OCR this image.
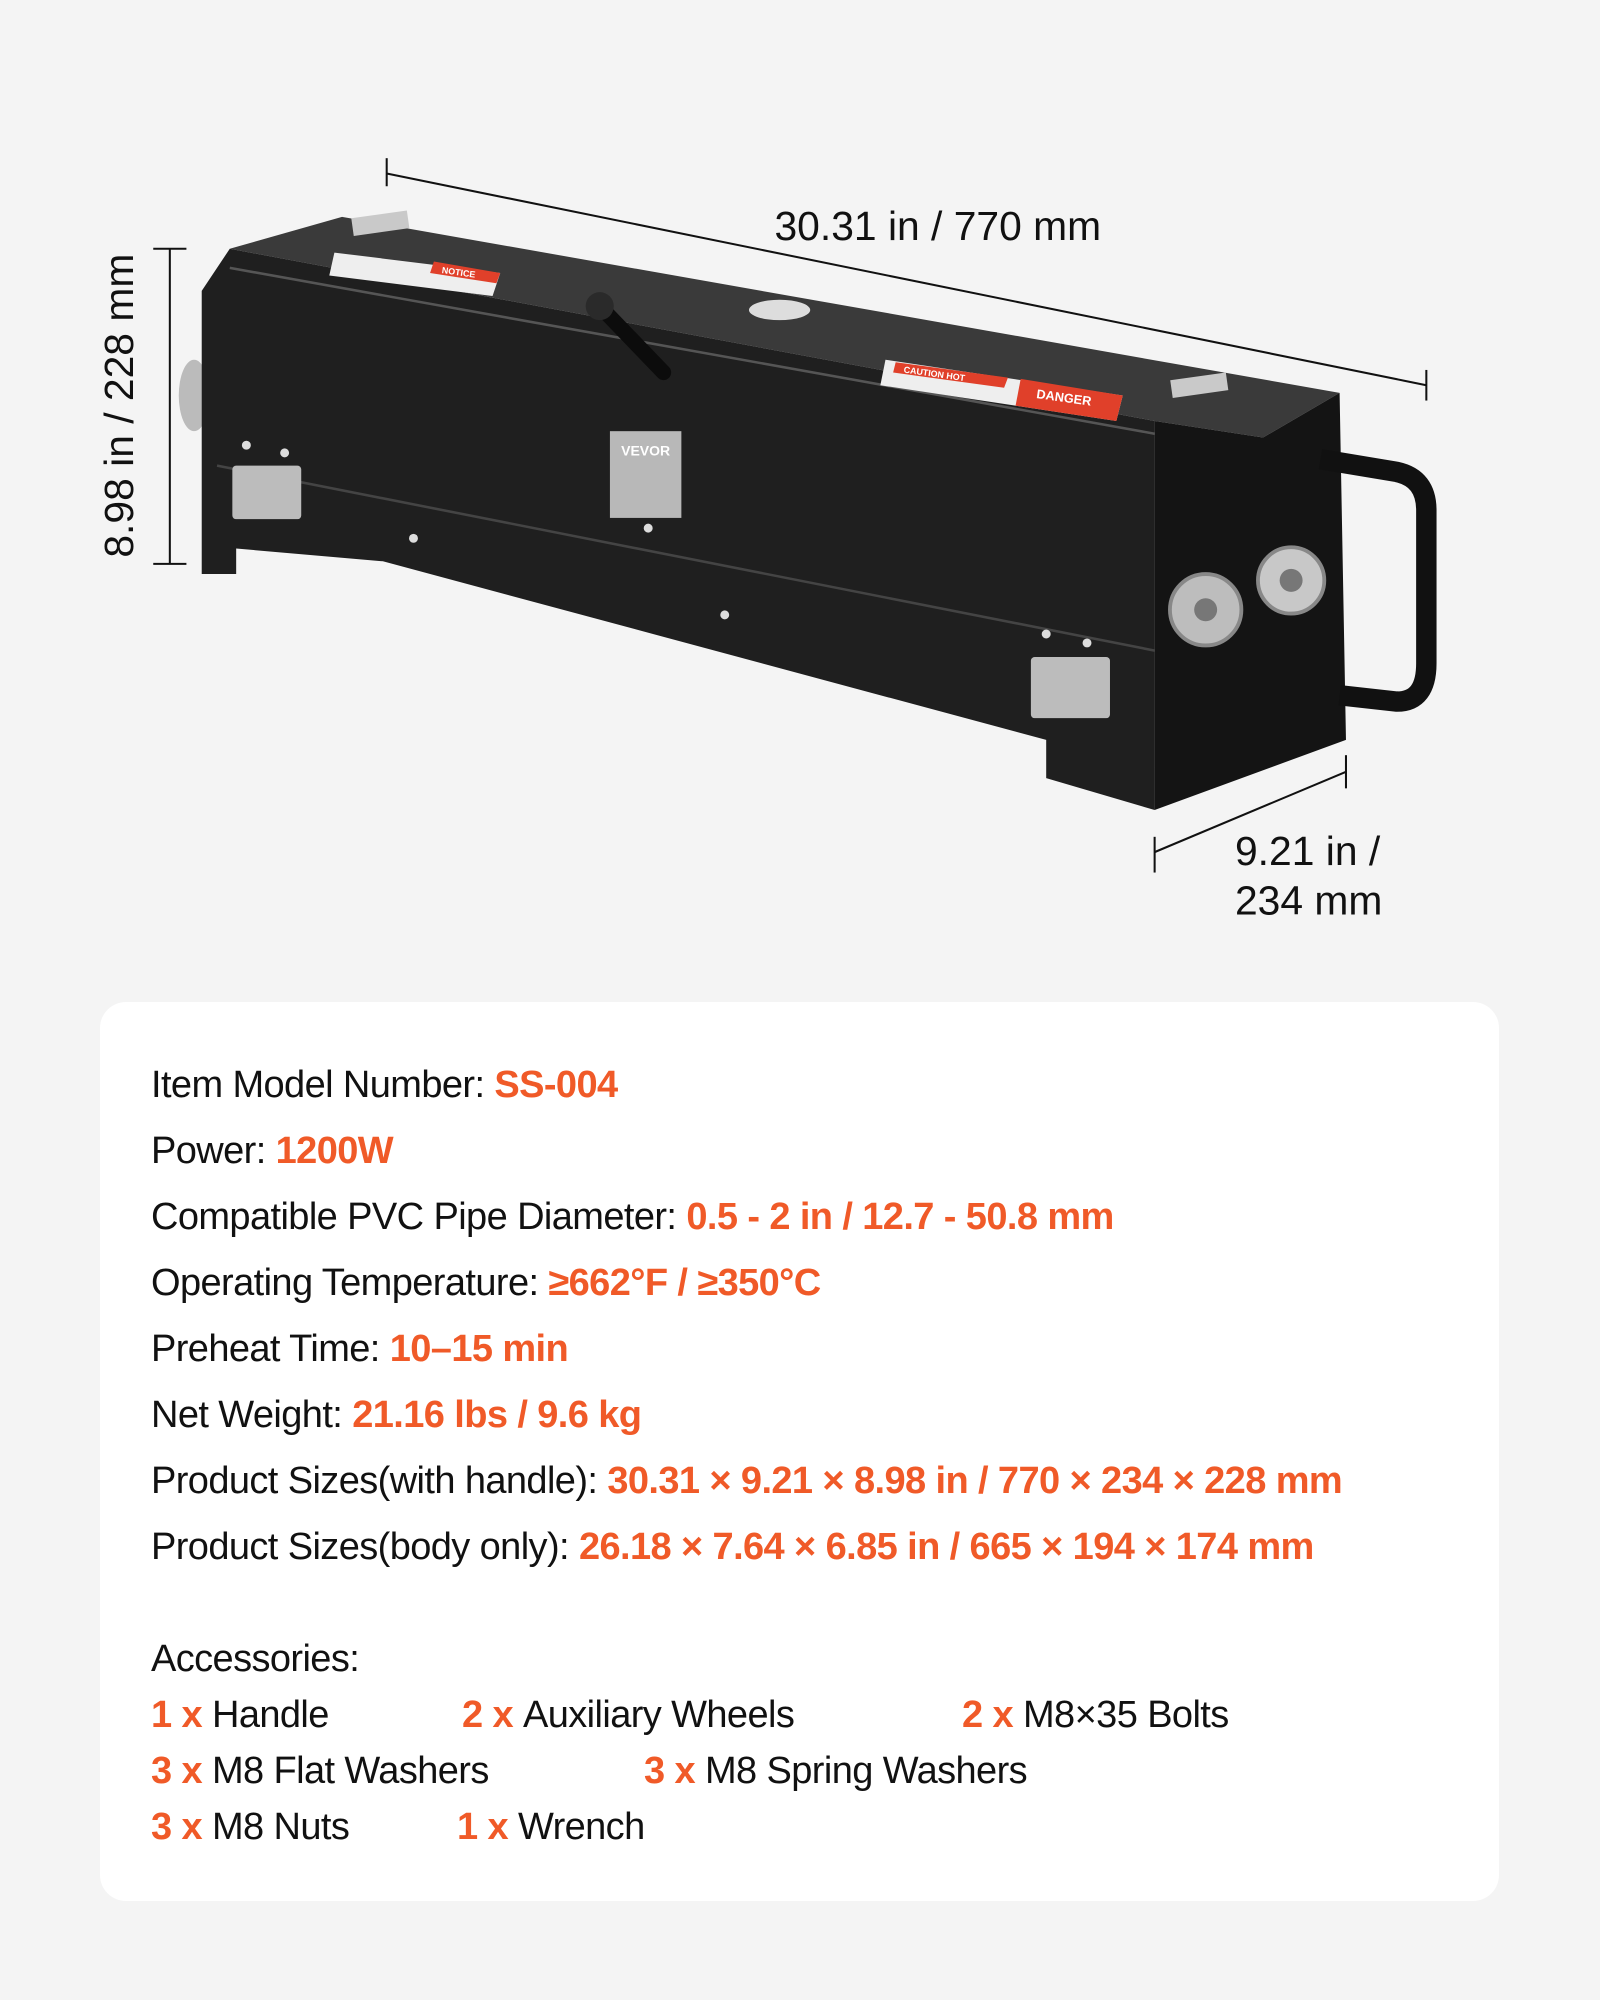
30.31 in / 770 mm
8.98 in / 228 mm
9.21 in /
234 mm
NOTICE
CAUTION HOT
DANGER
VEVOR
Item Model Number: SS-004
Power: 1200W
Compatible PVC Pipe Diameter: 0.5 - 2 in / 12.7 - 50.8 mm
Operating Temperature: ≥662°F / ≥350°C
Preheat Time: 10–15 min
Net Weight: 21.16 lbs / 9.6 kg
Product Sizes(with handle): 30.31 × 9.21 × 8.98 in / 770 × 234 × 228 mm
Product Sizes(body only): 26.18 × 7.64 × 6.85 in / 665 × 194 × 174 mm
Accessories:
1 x Handle	2 x Auxiliary Wheels	2 x M8×35 Bolts
3 x M8 Flat Washers	3 x M8 Spring Washers
3 x M8 Nuts	1 x Wrench
